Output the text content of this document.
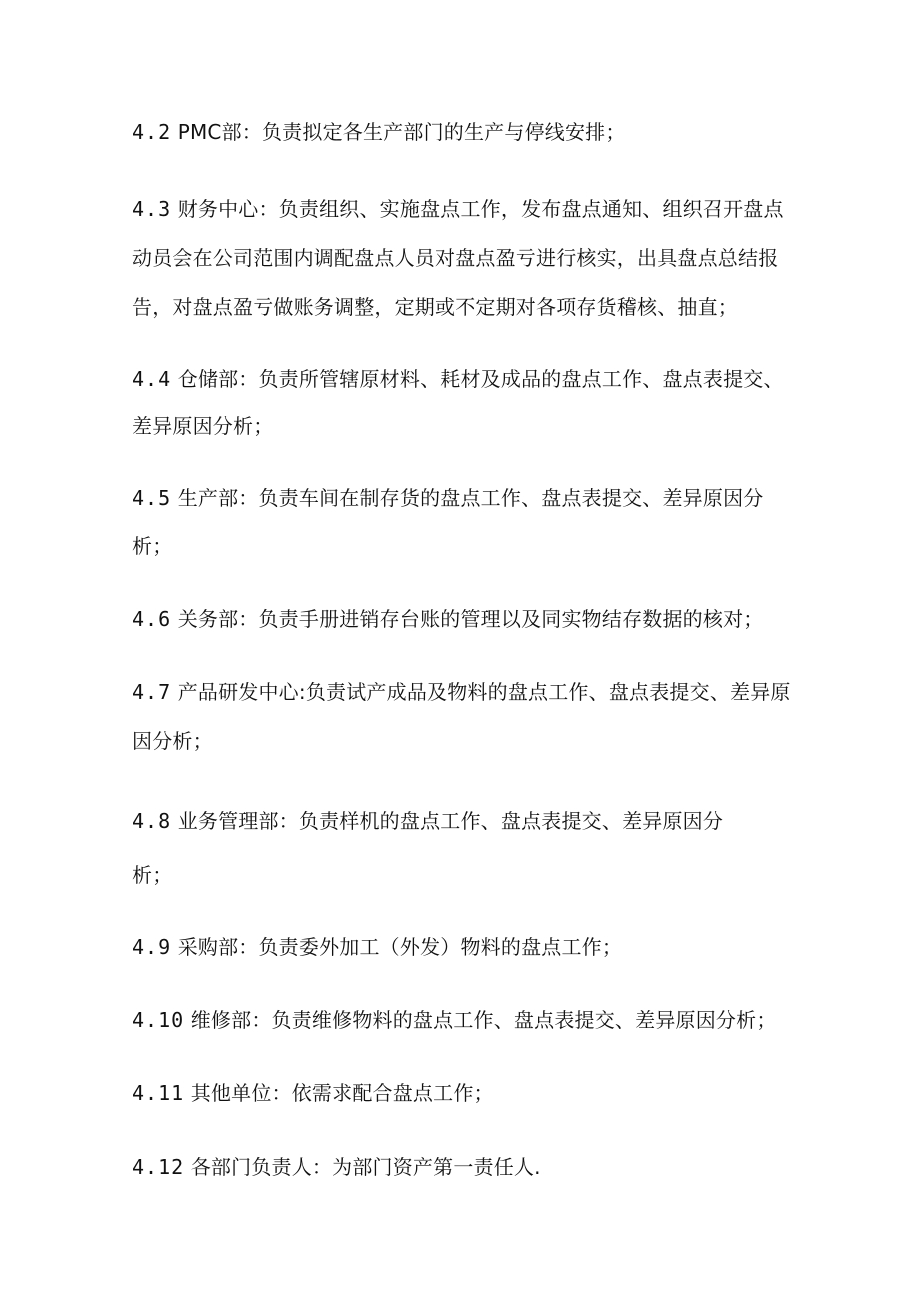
4.2 PMC部：负责拟定各生产部门的生产与停线安排；
4.3 财务中心：负责组织、实施盘点工作，发布盘点通知、组织召开盘点
动员会在公司范围内调配盘点人员对盘点盈亏进行核实，出具盘点总结报
告，对盘点盈亏做账务调整，定期或不定期对各项存货稽核、抽直；
4.4 仓储部：负责所管辖原材料、耗材及成品的盘点工作、盘点表提交、
差异原因分析；
4.5 生产部：负责车间在制存货的盘点工作、盘点表提交、差异原因分
析；
4.6 关务部：负责手册进销存台账的管理以及同实物结存数据的核对；
4.7 产品研发中心:负责试产成品及物料的盘点工作、盘点表提交、差异原
因分析；
4.8 业务管理部：负责样机的盘点工作、盘点表提交、差异原因分
析；
4.9 采购部：负责委外加工（外发）物料的盘点工作；
4.10 维修部：负责维修物料的盘点工作、盘点表提交、差异原因分析；
4.11 其他单位：依需求配合盘点工作；
4.12 各部门负责人：为部门资产第一责任人.
